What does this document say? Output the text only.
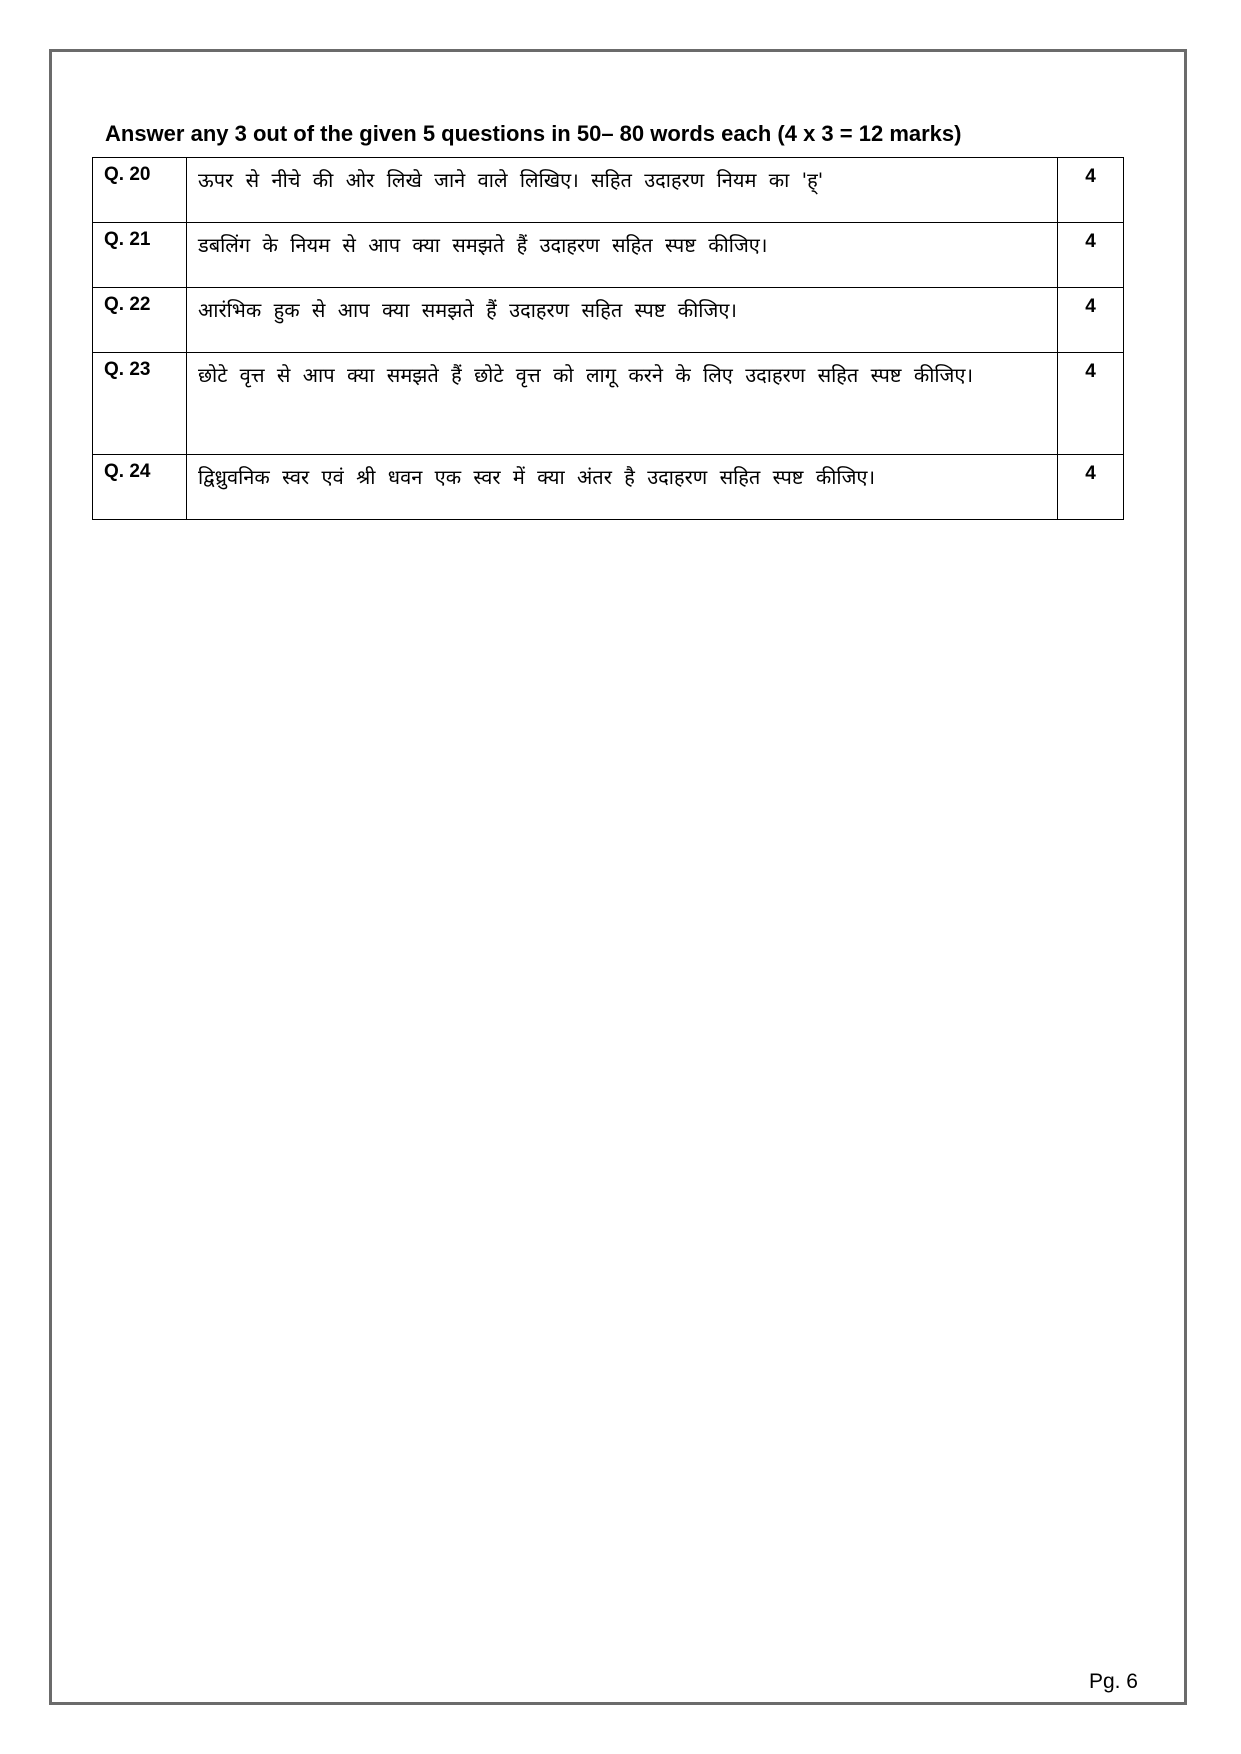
Answer any 3 out of the given 5 questions in 50– 80 words each (4 x 3 = 12 marks)
Q. 20	ऊपर से नीचे की ओर लिखे जाने वाले लिखिए। सहित उदाहरण नियम का 'ह्'	4
Q. 21	डबलिंग के नियम से आप क्या समझते हैं उदाहरण सहित स्पष्ट कीजिए।	4
Q. 22	आरंभिक हुक से आप क्या समझते हैं उदाहरण सहित स्पष्ट कीजिए।	4
Q. 23	छोटे वृत्त से आप क्या समझते हैं छोटे वृत्त को लागू करने के लिए उदाहरण सहित स्पष्ट कीजिए।	4
Q. 24	द्विध्रुवनिक स्वर एवं श्री धवन एक स्वर में क्या अंतर है उदाहरण सहित स्पष्ट कीजिए।	4
Pg. 6
